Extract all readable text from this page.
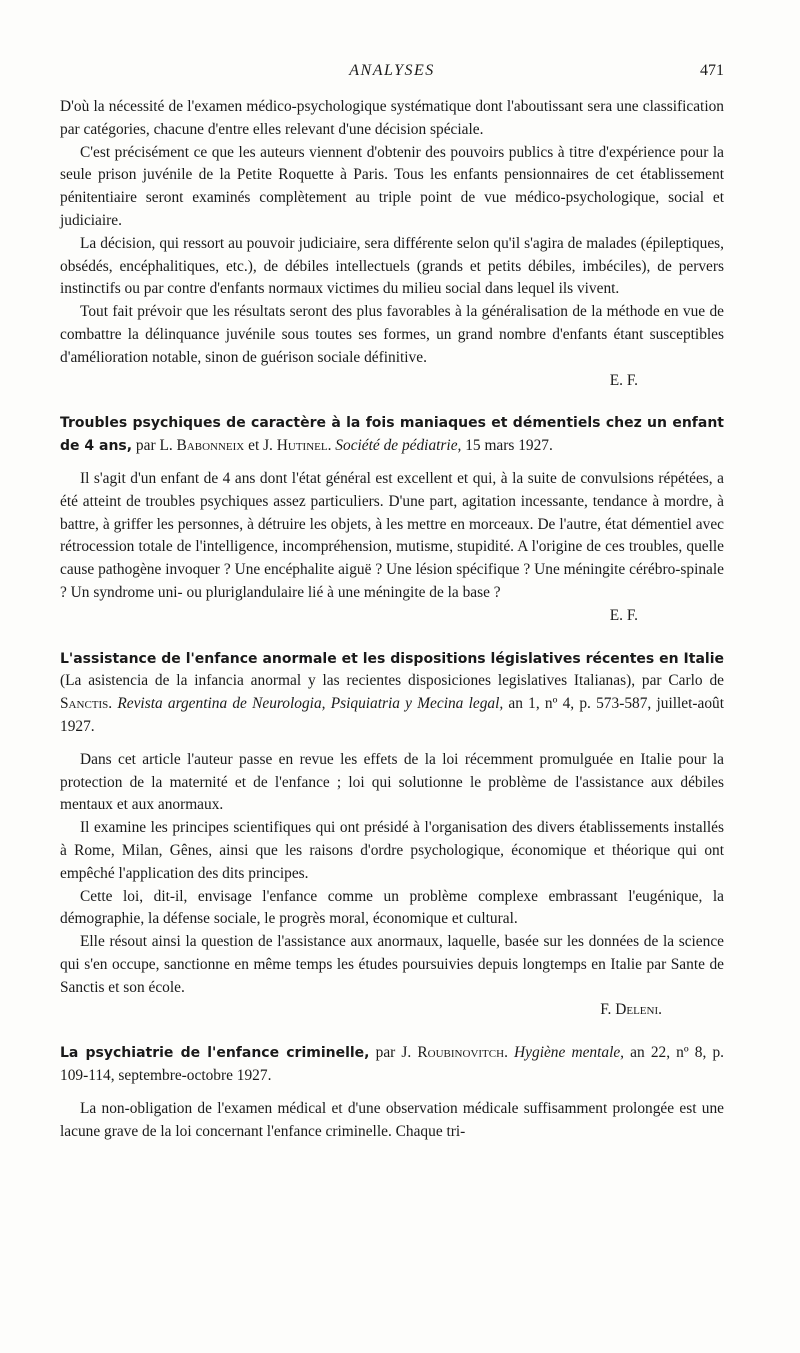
ANALYSES	471

D'où la nécessité de l'examen médico-psychologique systématique dont l'aboutissant sera une classification par catégories, chacune d'entre elles relevant d'une décision spéciale.

C'est précisément ce que les auteurs viennent d'obtenir des pouvoirs publics à titre d'expérience pour la seule prison juvénile de la Petite Roquette à Paris. Tous les enfants pensionnaires de cet établissement pénitentiaire seront examinés complètement au triple point de vue médico-psychologique, social et judiciaire.

La décision, qui ressort au pouvoir judiciaire, sera différente selon qu'il s'agira de malades (épileptiques, obsédés, encéphalitiques, etc.), de débiles intellectuels (grands et petits débiles, imbéciles), de pervers instinctifs ou par contre d'enfants normaux victimes du milieu social dans lequel ils vivent.

Tout fait prévoir que les résultats seront des plus favorables à la généralisation de la méthode en vue de combattre la délinquance juvénile sous toutes ses formes, un grand nombre d'enfants étant susceptibles d'amélioration notable, sinon de guérison sociale définitive.

E. F.

Troubles psychiques de caractère à la fois maniaques et démentiels chez un enfant de 4 ans, par L. Babonneix et J. Hutinel. Société de pédiatrie, 15 mars 1927.

Il s'agit d'un enfant de 4 ans dont l'état général est excellent et qui, à la suite de convulsions répétées, a été atteint de troubles psychiques assez particuliers. D'une part, agitation incessante, tendance à mordre, à battre, à griffer les personnes, à détruire les objets, à les mettre en morceaux. De l'autre, état démentiel avec rétrocession totale de l'intelligence, incompréhension, mutisme, stupidité. A l'origine de ces troubles, quelle cause pathogène invoquer ? Une encéphalite aiguë ? Une lésion spécifique ? Une méningite cérébro-spinale ? Un syndrome uni- ou pluriglandulaire lié à une méningite de la base ?

E. F.

L'assistance de l'enfance anormale et les dispositions législatives récentes en Italie (La asistencia de la infancia anormal y las recientes disposiciones legislatives Italianas), par Carlo de Sanctis. Revista argentina de Neurologia, Psiquiatria y Mecina legal, an 1, nº 4, p. 573-587, juillet-août 1927.

Dans cet article l'auteur passe en revue les effets de la loi récemment promulguée en Italie pour la protection de la maternité et de l'enfance ; loi qui solutionne le problème de l'assistance aux débiles mentaux et aux anormaux.

Il examine les principes scientifiques qui ont présidé à l'organisation des divers établissements installés à Rome, Milan, Gênes, ainsi que les raisons d'ordre psychologique, économique et théorique qui ont empêché l'application des dits principes.

Cette loi, dit-il, envisage l'enfance comme un problème complexe embrassant l'eugénique, la démographie, la défense sociale, le progrès moral, économique et cultural.

Elle résout ainsi la question de l'assistance aux anormaux, laquelle, basée sur les données de la science qui s'en occupe, sanctionne en même temps les études poursuivies depuis longtemps en Italie par Sante de Sanctis et son école.

F. Deleni.

La psychiatrie de l'enfance criminelle, par J. Roubinovitch. Hygiène mentale, an 22, nº 8, p. 109-114, septembre-octobre 1927.

La non-obligation de l'examen médical et d'une observation médicale suffisamment prolongée est une lacune grave de la loi concernant l'enfance criminelle. Chaque tri-
